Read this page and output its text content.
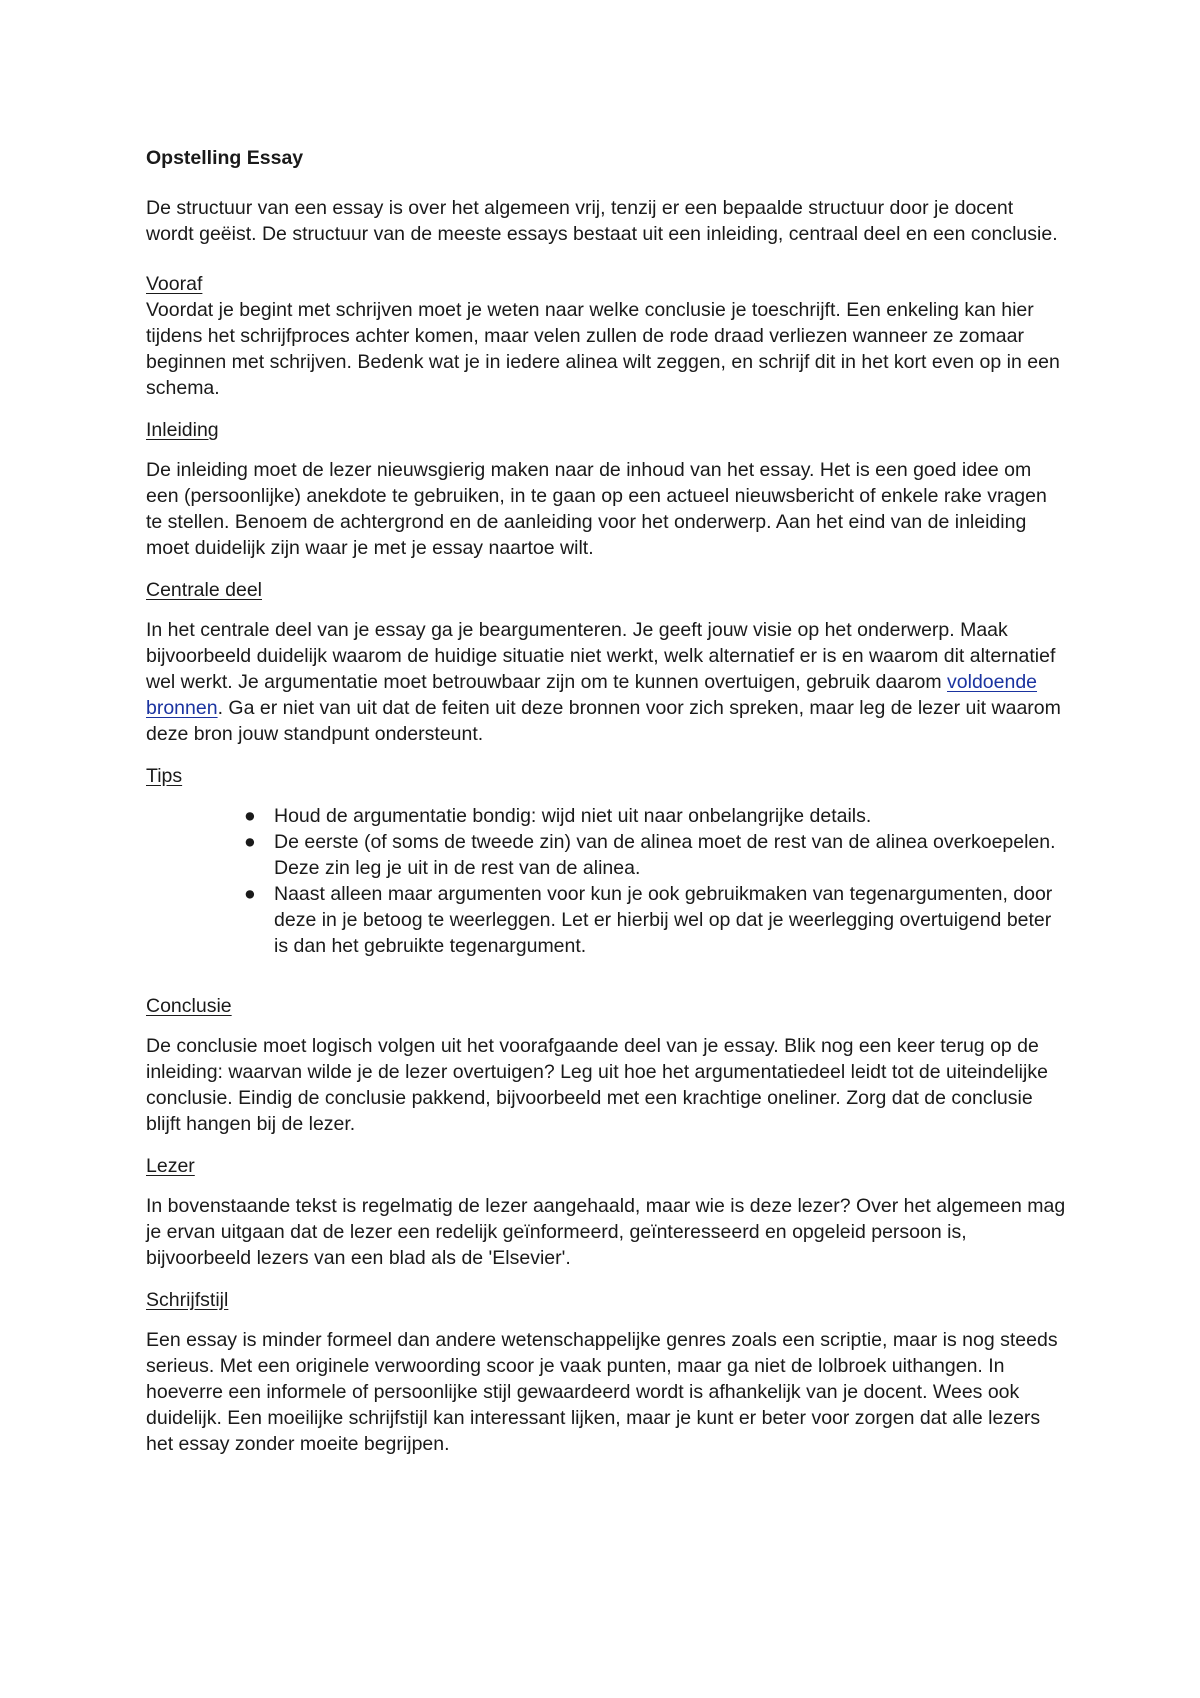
Opstelling Essay

De structuur van een essay is over het algemeen vrij, tenzij er een bepaalde structuur door je docent wordt geëist. De structuur van de meeste essays bestaat uit een inleiding, centraal deel en een conclusie.

Vooraf

Voordat je begint met schrijven moet je weten naar welke conclusie je toeschrijft. Een enkeling kan hier tijdens het schrijfproces achter komen, maar velen zullen de rode draad verliezen wanneer ze zomaar beginnen met schrijven. Bedenk wat je in iedere alinea wilt zeggen, en schrijf dit in het kort even op in een schema.

Inleiding

De inleiding moet de lezer nieuwsgierig maken naar de inhoud van het essay. Het is een goed idee om een (persoonlijke) anekdote te gebruiken, in te gaan op een actueel nieuwsbericht of enkele rake vragen te stellen. Benoem de achtergrond en de aanleiding voor het onderwerp. Aan het eind van de inleiding moet duidelijk zijn waar je met je essay naartoe wilt.

Centrale deel

In het centrale deel van je essay ga je beargumenteren. Je geeft jouw visie op het onderwerp. Maak bijvoorbeeld duidelijk waarom de huidige situatie niet werkt, welk alternatief er is en waarom dit alternatief wel werkt. Je argumentatie moet betrouwbaar zijn om te kunnen overtuigen, gebruik daarom voldoende bronnen. Ga er niet van uit dat de feiten uit deze bronnen voor zich spreken, maar leg de lezer uit waarom deze bron jouw standpunt ondersteunt.

Tips

● Houd de argumentatie bondig: wijd niet uit naar onbelangrijke details.
● De eerste (of soms de tweede zin) van de alinea moet de rest van de alinea overkoepelen. Deze zin leg je uit in de rest van de alinea.
● Naast alleen maar argumenten voor kun je ook gebruikmaken van tegenargumenten, door deze in je betoog te weerleggen. Let er hierbij wel op dat je weerlegging overtuigend beter is dan het gebruikte tegenargument.

Conclusie

De conclusie moet logisch volgen uit het voorafgaande deel van je essay. Blik nog een keer terug op de inleiding: waarvan wilde je de lezer overtuigen? Leg uit hoe het argumentatiedeel leidt tot de uiteindelijke conclusie. Eindig de conclusie pakkend, bijvoorbeeld met een krachtige oneliner. Zorg dat de conclusie blijft hangen bij de lezer.

Lezer

In bovenstaande tekst is regelmatig de lezer aangehaald, maar wie is deze lezer? Over het algemeen mag je ervan uitgaan dat de lezer een redelijk geïnformeerd, geïnteresseerd en opgeleid persoon is, bijvoorbeeld lezers van een blad als de 'Elsevier'.

Schrijfstijl

Een essay is minder formeel dan andere wetenschappelijke genres zoals een scriptie, maar is nog steeds serieus. Met een originele verwoording scoor je vaak punten, maar ga niet de lolbroek uithangen. In hoeverre een informele of persoonlijke stijl gewaardeerd wordt is afhankelijk van je docent. Wees ook duidelijk. Een moeilijke schrijfstijl kan interessant lijken, maar je kunt er beter voor zorgen dat alle lezers het essay zonder moeite begrijpen.
